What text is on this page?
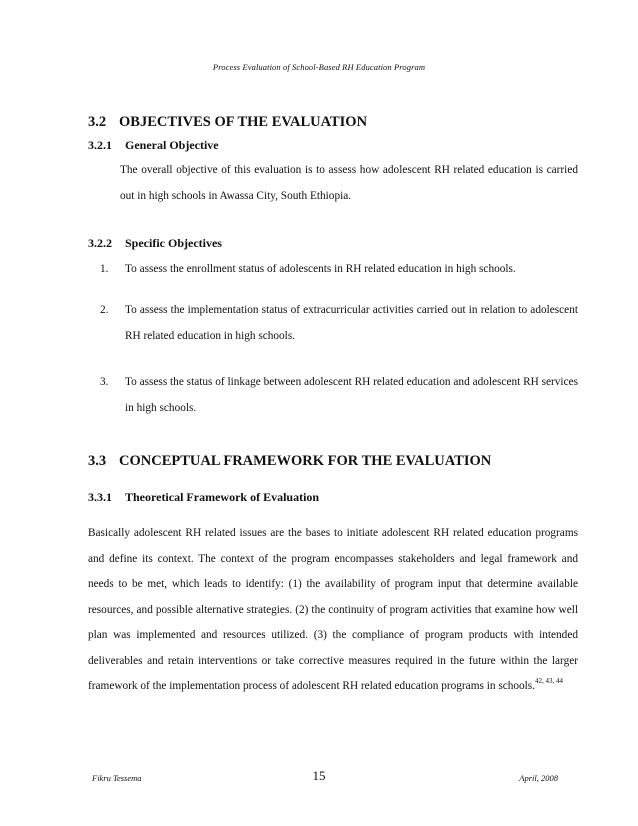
Process Evaluation of School-Based RH Education Program
3.2 OBJECTIVES OF THE EVALUATION
3.2.1 General Objective
The overall objective of this evaluation is to assess how adolescent RH related education is carried out in high schools in Awassa City, South Ethiopia.
3.2.2 Specific Objectives
1. To assess the enrollment status of adolescents in RH related education in high schools.
2. To assess the implementation status of extracurricular activities carried out in relation to adolescent RH related education in high schools.
3. To assess the status of linkage between adolescent RH related education and adolescent RH services in high schools.
3.3 CONCEPTUAL FRAMEWORK FOR THE EVALUATION
3.3.1 Theoretical Framework of Evaluation
Basically adolescent RH related issues are the bases to initiate adolescent RH related education programs and define its context. The context of the program encompasses stakeholders and legal framework and needs to be met, which leads to identify: (1) the availability of program input that determine available resources, and possible alternative strategies. (2) the continuity of program activities that examine how well plan was implemented and resources utilized. (3) the compliance of program products with intended deliverables and retain interventions or take corrective measures required in the future within the larger framework of the implementation process of adolescent RH related education programs in schools.$^{42, 43, 44}$
Fikru Tessema	15	April, 2008
